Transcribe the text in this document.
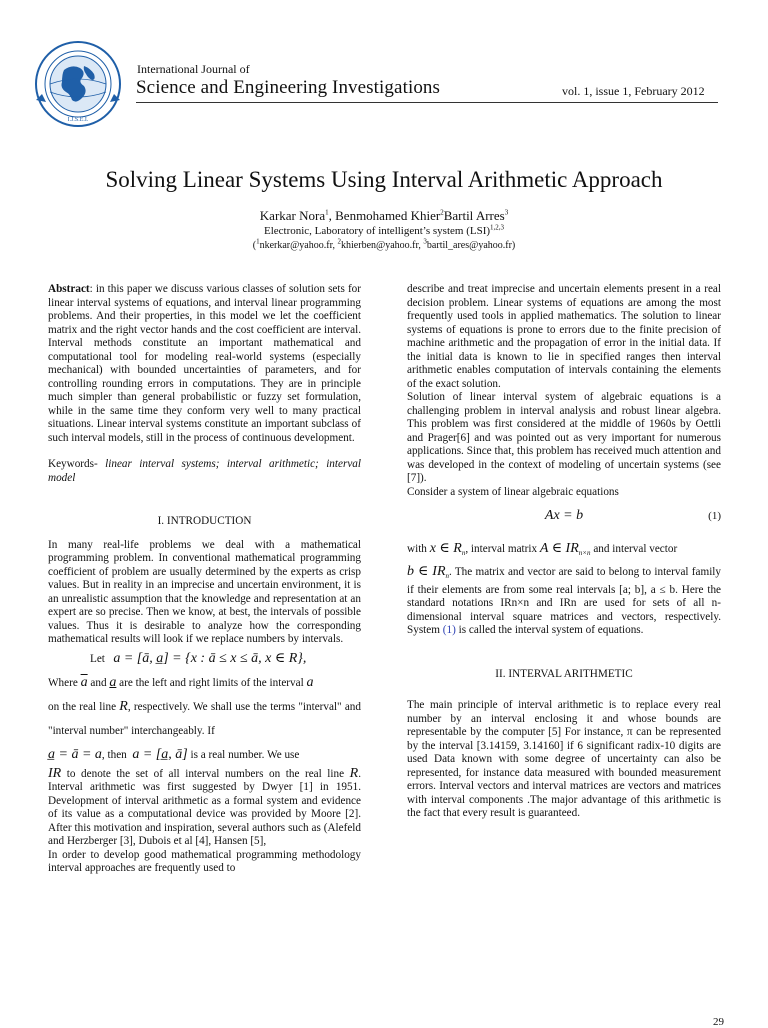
I.J.S.E.I.
International Journal of
Science and Engineering Investigations	vol. 1, issue 1, February 2012
Solving Linear Systems Using Interval Arithmetic Approach
Karkar Nora$^1$, Benmohamed Khier$^2$Bartil Arres$^3$
Electronic, Laboratory of intelligent’s system (LSI)$^{1,2,3}$
($^1$nkerkar@yahoo.fr, $^2$khierben@yahoo.fr, $^3$bartil_ares@yahoo.fr)

Abstract: in this paper we discuss various classes of solution sets for linear interval systems of equations, and interval linear programming problems. And their properties, in this model we let the coefficient matrix and the right vector hands and the cost coefficient are interval. Interval methods constitute an important mathematical and computational tool for modeling real-world systems (especially mechanical) with bounded uncertainties of parameters, and for controlling rounding errors in computations. They are in principle much simpler than general probabilistic or fuzzy set formulation, while in the same time they conform very well to many practical situations. Linear interval systems constitute an important subclass of such interval models, still in the process of continuous development.

Keywords- linear interval systems; interval arithmetic; interval model

I. INTRODUCTION

In many real-life problems we deal with a mathematical programming problem. In conventional mathematical programming coefficient of problem are usually determined by the experts as crisp values. But in reality in an imprecise and uncertain environment, it is an unrealistic assumption that the knowledge and representation at an expert are so precise. Then we know, at best, the intervals of possible values. Thus it is desirable to analyze how the corresponding mathematical results will look if we replace numbers by intervals.

Let a = [ā, a̲] = {x : ā ≤ x ≤ ā, x ∈ R},

Where $\overline{a}$ and a are the left and right limits of the interval a

on the real line R, respectively. We shall use the terms "interval" and "interval number" interchangeably. If

a̲ = ā = a, then a = [a̲, ā] is a real number. We use

IR to denote the set of all interval numbers on the real line R. Interval arithmetic was first suggested by Dwyer [1] in 1951. Development of interval arithmetic as a formal system and evidence of its value as a computational device was provided by Moore [2]. After this motivation and inspiration, several authors such as (Alefeld and Herzberger [3], Dubois et al [4], Hansen [5],

In order to develop good mathematical programming methodology interval approaches are frequently used to

describe and treat imprecise and uncertain elements present in a real decision problem. Linear systems of equations are among the most frequently used tools in applied mathematics. The solution to linear systems of equations is prone to errors due to the finite precision of machine arithmetic and the propagation of error in the initial data. If the initial data is known to lie in specified ranges then interval arithmetic enables computation of intervals containing the elements of the exact solution.

Solution of linear interval system of algebraic equations is a challenging problem in interval analysis and robust linear algebra. This problem was first considered at the middle of 1960s by Oettli and Prager[6] and was pointed out as very important for numerous applications. Since that, this problem has received much attention and was developed in the context of modeling of uncertain systems (see [7]).

Consider a system of linear algebraic equations

Ax = b	(1)

with x ∈ $R_n$, interval matrix A ∈ $IR_{n\times n}$ and interval vector

b ∈ $IR_n$. The matrix and vector are said to belong to interval family if their elements are from some real intervals [a; b], a ≤ b. Here the standard notations IRn×n and IRn are used for sets of all n-dimensional interval square matrices and vectors, respectively. System (1) is called the interval system of equations.

II. INTERVAL ARITHMETIC

The main principle of interval arithmetic is to replace every real number by an interval enclosing it and whose bounds are representable by the computer [5] For instance, π can be represented by the interval [3.14159, 3.14160] if 6 significant radix-10 digits are used Data known with some degree of uncertainty can also be represented, for instance data measured with bounded measurement errors. Interval vectors and interval matrices are vectors and matrices with interval components .The major advantage of this arithmetic is the fact that every result is guaranteed.

29
